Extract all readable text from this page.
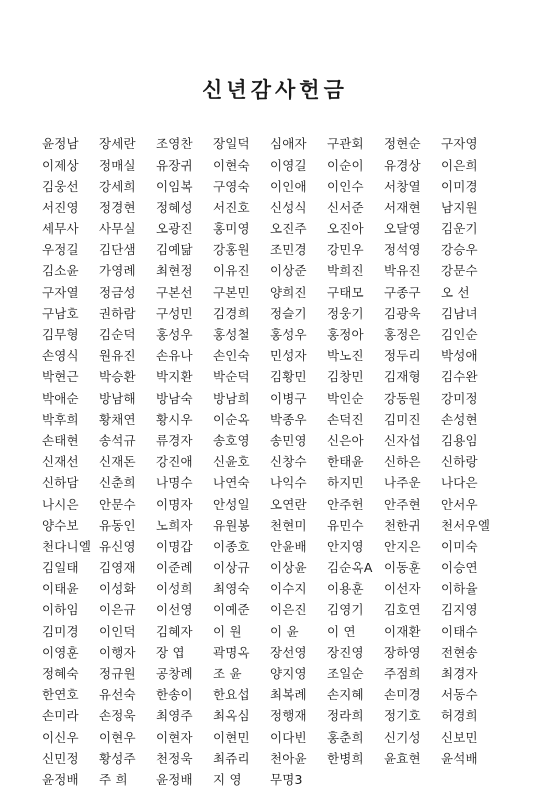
신년감사헌금
윤정남	장세란	조영찬	장일덕	심애자	구관회	정현순	구자영
이제상	정매실	유장귀	이현숙	이영길	이순이	유경상	이은희
김웅선	강세희	이임복	구영숙	이인애	이인수	서창열	이미경
서진영	정경현	정혜성	서진호	신성식	신서준	서재현	남지원
세무사	사무실	오광진	홍미영	오진주	오진아	오달영	김운기
우정길	김단샘	김예닮	강홍원	조민경	강민우	정석영	강승우
김소윤	가영례	최현정	이유진	이상준	박희진	박유진	강문수
구자열	정금성	구본선	구본민	양희진	구태모	구종구	오 선
구남호	권하람	구성민	김경희	정슬기	정웅기	김광욱	김남녀
김무형	김순덕	홍성우	홍성철	홍성우	홍정아	홍정은	김인순
손영식	원유진	손유나	손인숙	민성자	박노진	정두리	박성애
박현근	박승환	박지환	박순덕	김황민	김창민	김재형	김수완
박애순	방남해	방남숙	방남희	이병구	박인순	강동원	강미정
박후희	황채연	황시우	이순옥	박종우	손덕진	김미진	손성현
손태현	송석규	류경자	송호영	송민영	신은아	신자섭	김용임
신재선	신재돈	강진애	신윤호	신창수	한태윤	신하은	신하랑
신하담	신춘희	나명수	나연숙	나익수	하지민	나주운	나다은
나시은	안문수	이명자	안성일	오연란	안주헌	안주현	안서우
양수보	유동인	노희자	유원봉	천현미	유민수	천한귀	천서우엘
천다니엘 유신영	이명갑	이종호	안윤배	안지영	안지은	이미숙
김일태	김영재	이준례	이상규	이상윤	김순옥A 이동훈	이승연
이태윤	이성화	이성희	최영숙	이수지	이용훈	이선자	이하율
이하임	이은규	이선영	이예준	이은진	김영기	김호연	김지영
김미경	이인덕	김혜자	이 원	이 윤	이 연	이재환	이태수
이영훈	이행자	장 엽	곽명옥	장선영	장진영	장하영	전현송
정혜숙	정규원	공창례	조 윤	양지영	조일순	주점희	최경자
한연호	유선숙	한송이	한요섭	최복례	손지혜	손미경	서동수
손미라	손정욱	최영주	최옥심	정행재	정라희	정기호	허경희
이신우	이현우	이현자	이현민	이다빈	홍춘희	신기성	신보민
신민정	황성주	천정욱	최쥬리	천아윤	한병희	윤효현	윤석배
윤정배	주 희	윤정배	지 영	무명3
